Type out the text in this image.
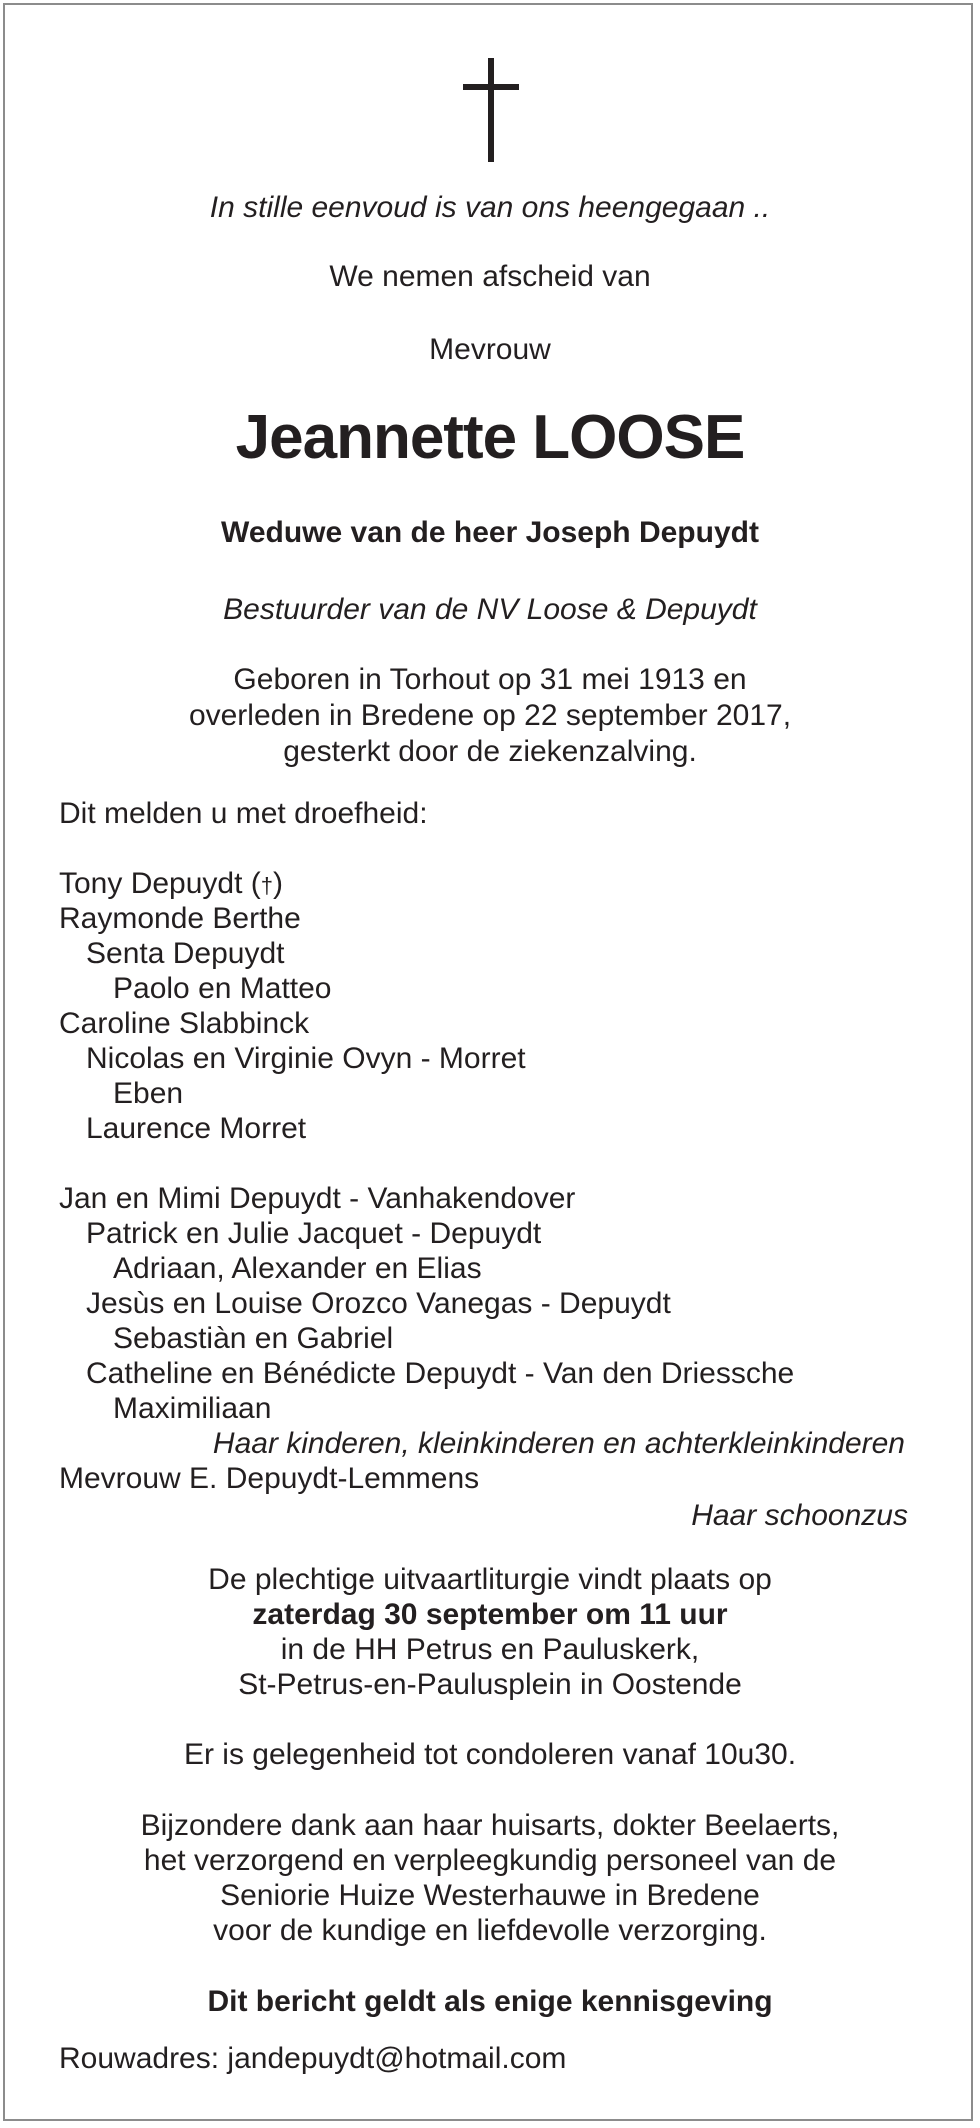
In stille eenvoud is van ons heengegaan ..
We nemen afscheid van
Mevrouw
Jeannette LOOSE
Weduwe van de heer Joseph Depuydt
Bestuurder van de NV Loose & Depuydt
Geboren in Torhout op 31 mei 1913 en
overleden in Bredene op 22 september 2017,
gesterkt door de ziekenzalving.
Dit melden u met droefheid:
Tony Depuydt (†)
Raymonde Berthe
Senta Depuydt
Paolo en Matteo
Caroline Slabbinck
Nicolas en Virginie Ovyn - Morret
Eben
Laurence Morret
Jan en Mimi Depuydt - Vanhakendover
Patrick en Julie Jacquet - Depuydt
Adriaan, Alexander en Elias
Jesùs en Louise Orozco Vanegas - Depuydt
Sebastiàn en Gabriel
Catheline en Bénédicte Depuydt - Van den Driessche
Maximiliaan
Haar kinderen, kleinkinderen en achterkleinkinderen
Mevrouw E. Depuydt-Lemmens
Haar schoonzus
De plechtige uitvaartliturgie vindt plaats op
zaterdag 30 september om 11 uur
in de HH Petrus en Pauluskerk,
St-Petrus-en-Paulusplein in Oostende
Er is gelegenheid tot condoleren vanaf 10u30.
Bijzondere dank aan haar huisarts, dokter Beelaerts,
het verzorgend en verpleegkundig personeel van de
Seniorie Huize Westerhauwe in Bredene
voor de kundige en liefdevolle verzorging.
Dit bericht geldt als enige kennisgeving
Rouwadres: jandepuydt@hotmail.com
